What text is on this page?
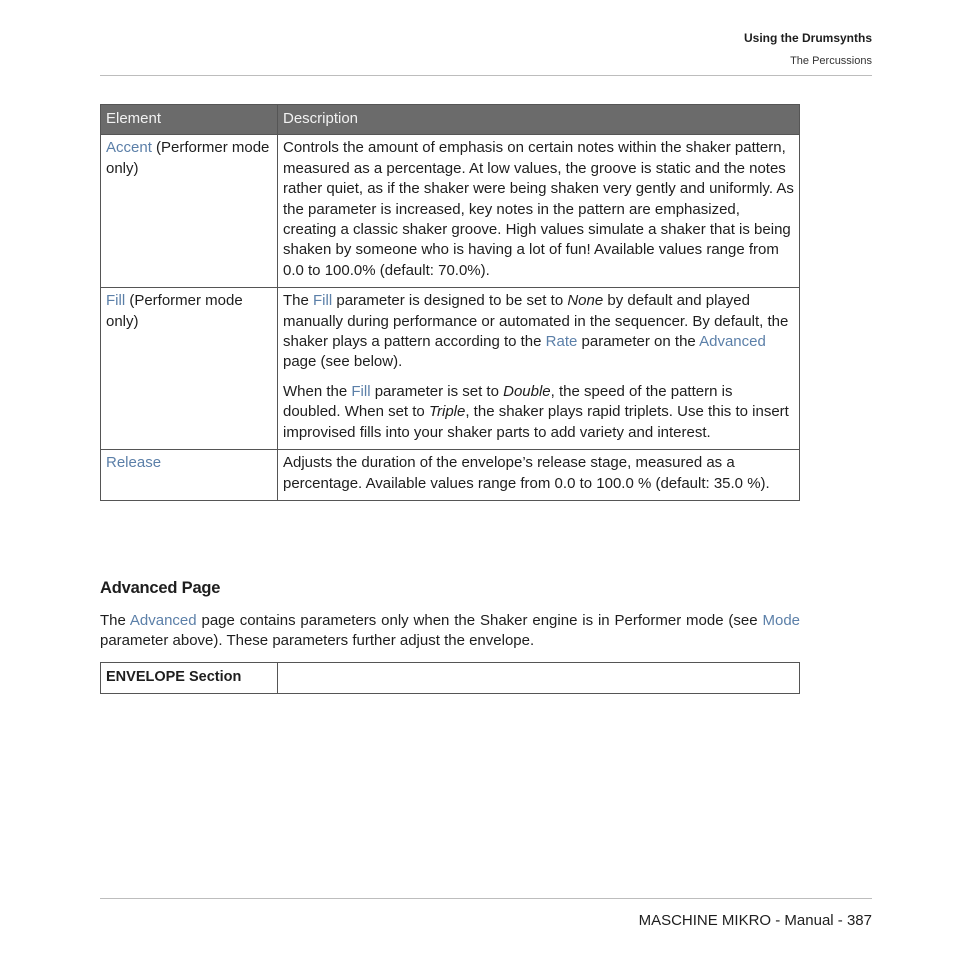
Using the Drumsynths
The Percussions
Element	Description
Accent (Performer mode only)	Controls the amount of emphasis on certain notes within the shaker pattern, measured as a percentage. At low values, the groove is static and the notes rather quiet, as if the shaker were being shaken very gently and uniformly. As the parameter is increased, key notes in the pattern are emphasized, creating a classic shaker groove. High values simulate a shaker that is being shaken by someone who is having a lot of fun! Available values range from 0.0 to 100.0% (default: 70.0%).

Fill (Performer mode only)	The Fill parameter is designed to be set to None by default and played manually during performance or automated in the sequencer. By default, the shaker plays a pattern according to the Rate parameter on the Advanced page (see below).

When the Fill parameter is set to Double, the speed of the pattern is doubled. When set to Triple, the shaker plays rapid triplets. Use this to insert improvised fills into your shaker parts to add variety and interest.

Release	Adjusts the duration of the envelope’s release stage, measured as a percentage. Available values range from 0.0 to 100.0 % (default: 35.0 %).

Advanced Page

The Advanced page contains parameters only when the Shaker engine is in Performer mode (see Mode parameter above). These parameters further adjust the envelope.

ENVELOPE Section	
MASCHINE MIKRO - Manual - 387
